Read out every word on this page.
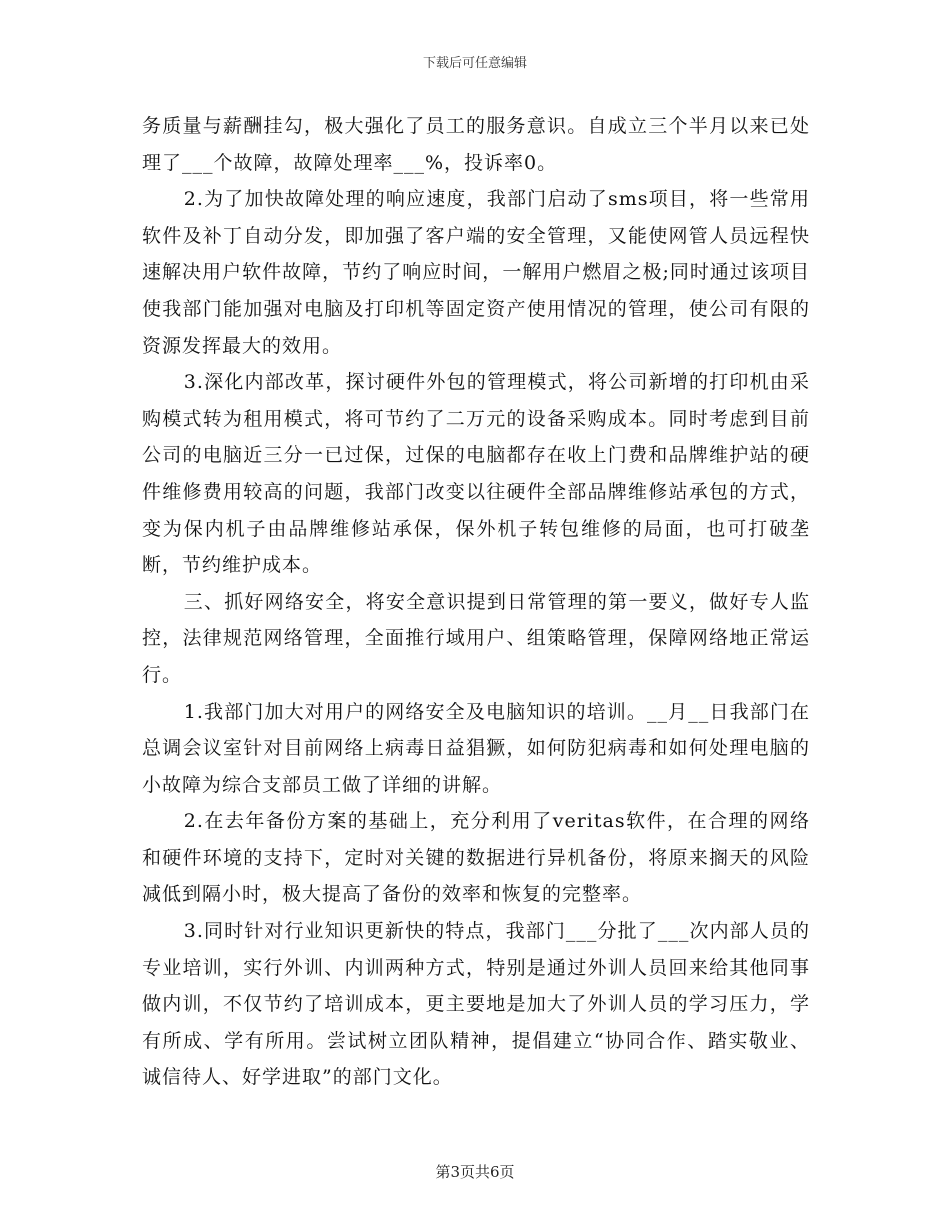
下载后可任意编辑

务质量与薪酬挂勾，极大强化了员工的服务意识。自成立三个半月以来已处理了___个故障，故障处理率___%，投诉率0。

2.为了加快故障处理的响应速度，我部门启动了sms项目，将一些常用软件及补丁自动分发，即加强了客户端的安全管理，又能使网管人员远程快速解决用户软件故障，节约了响应时间，一解用户燃眉之极;同时通过该项目使我部门能加强对电脑及打印机等固定资产使用情况的管理，使公司有限的资源发挥最大的效用。

3.深化内部改革，探讨硬件外包的管理模式，将公司新增的打印机由采购模式转为租用模式，将可节约了二万元的设备采购成本。同时考虑到目前公司的电脑近三分一已过保，过保的电脑都存在收上门费和品牌维护站的硬件维修费用较高的问题，我部门改变以往硬件全部品牌维修站承包的方式，变为保内机子由品牌维修站承保，保外机子转包维修的局面，也可打破垄断，节约维护成本。

三、抓好网络安全，将安全意识提到日常管理的第一要义，做好专人监控，法律规范网络管理，全面推行域用户、组策略管理，保障网络地正常运行。

1.我部门加大对用户的网络安全及电脑知识的培训。__月__日我部门在总调会议室针对目前网络上病毒日益猖獗，如何防犯病毒和如何处理电脑的小故障为综合支部员工做了详细的讲解。

2.在去年备份方案的基础上，充分利用了veritas软件，在合理的网络和硬件环境的支持下，定时对关键的数据进行异机备份，将原来搁天的风险减低到隔小时，极大提高了备份的效率和恢复的完整率。

3.同时针对行业知识更新快的特点，我部门___分批了___次内部人员的专业培训，实行外训、内训两种方式，特别是通过外训人员回来给其他同事做内训，不仅节约了培训成本，更主要地是加大了外训人员的学习压力，学有所成、学有所用。尝试树立团队精神，提倡建立“协同合作、踏实敬业、诚信待人、好学进取”的部门文化。

第3页共6页
